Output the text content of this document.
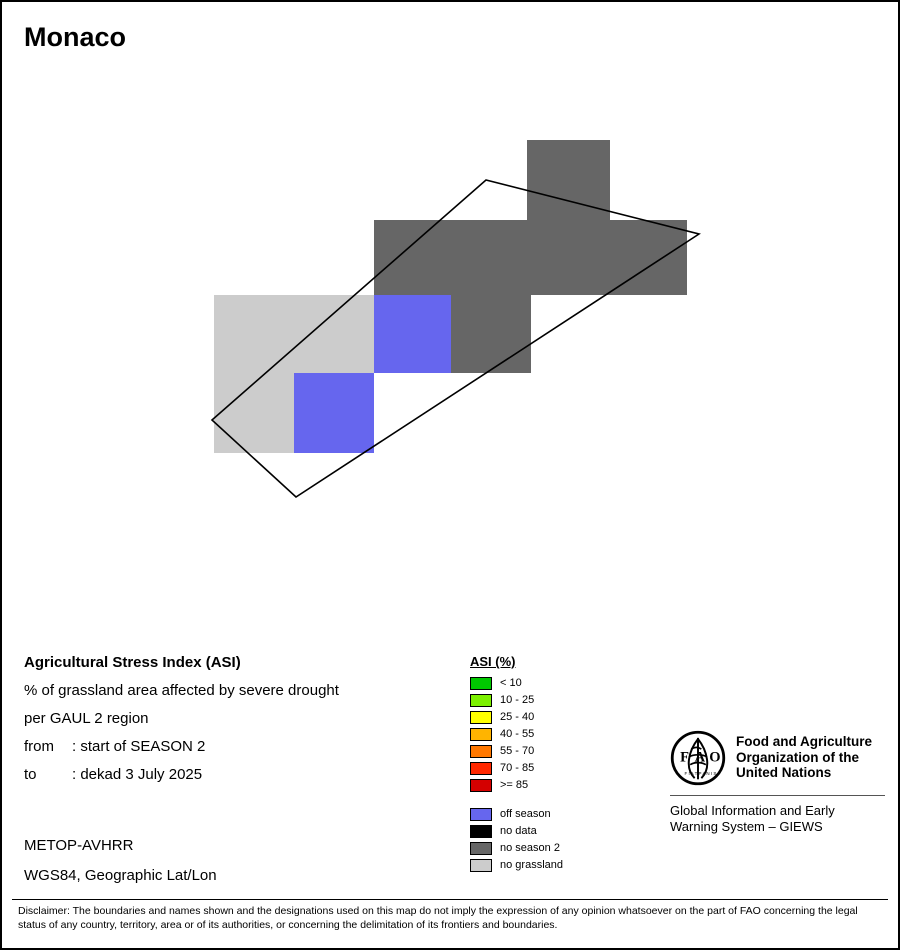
Monaco
Agricultural Stress Index (ASI)
% of grassland area affected by severe drought
per GAUL 2 region
from	: start of SEASON 2
to	: dekad 3 July 2025
METOP-AVHRR
WGS84, Geographic Lat/Lon
ASI (%)
< 10
10 - 25
25 - 40
40 - 55
55 - 70
70 - 85
>= 85
off season
no data
no season 2
no grassland
F A O
F I A T P A N I S
Food and Agriculture
Organization of the
United Nations
Global Information and Early
Warning System – GIEWS
Disclaimer: The boundaries and names shown and the designations used on this map do not imply the expression of any opinion whatsoever on the part of FAO concerning the legal status of any country, territory, area or of its authorities, or concerning the delimitation of its frontiers and boundaries.
